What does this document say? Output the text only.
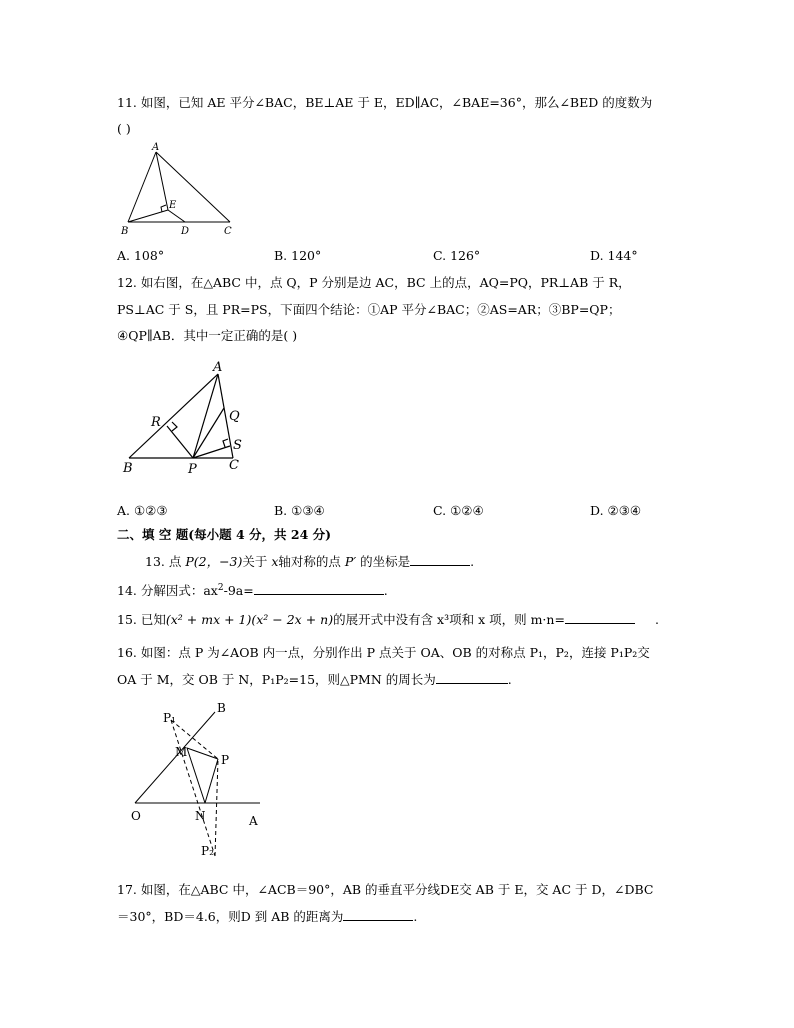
11. 如图，已知 AE 平分∠BAC，BE⊥AE 于 E，ED∥AC，∠BAE=36°，那么∠BED 的度数为
( )
A
B	C
D
E
A. 108°	B. 120°	C. 126°	D. 144°
12. 如右图，在△ABC 中，点 Q，P 分别是边 AC，BC 上的点，AQ=PQ，PR⊥AB 于 R，
PS⊥AC 于 S，且 PR=PS，下面四个结论：①AP 平分∠BAC；②AS=AR；③BP=QP；
④QP∥AB．其中一定正确的是( )
A
B	C
P
Q
R
S
A. ①②③	B. ①③④	C. ①②④	D. ②③④
二、填 空 题(每小题 4 分，共 24 分)
13. 点 P(2，−3)关于 x轴对称的点 P′ 的坐标是	.
14. 分解因式：$ax^2-9a=$	.
15. 已知(x² + mx + 1)(x² − 2x + n)的展开式中没有含 x³项和 x 项，则 m·n=	.
16. 如图：点 P 为∠AOB 内一点，分别作出 P 点关于 OA、OB 的对称点 P₁，P₂，连接 P₁P₂交
OA 于 M，交 OB 于 N，P₁P₂=15，则△PMN 的周长为	.
B
P₁
M
P
O	N	A
P₂
17. 如图，在△ABC 中，∠ACB＝90°，AB 的垂直平分线DE交 AB 于 E，交 AC 于 D，∠DBC
＝30°，BD＝4.6，则D 到 AB 的距离为	.
